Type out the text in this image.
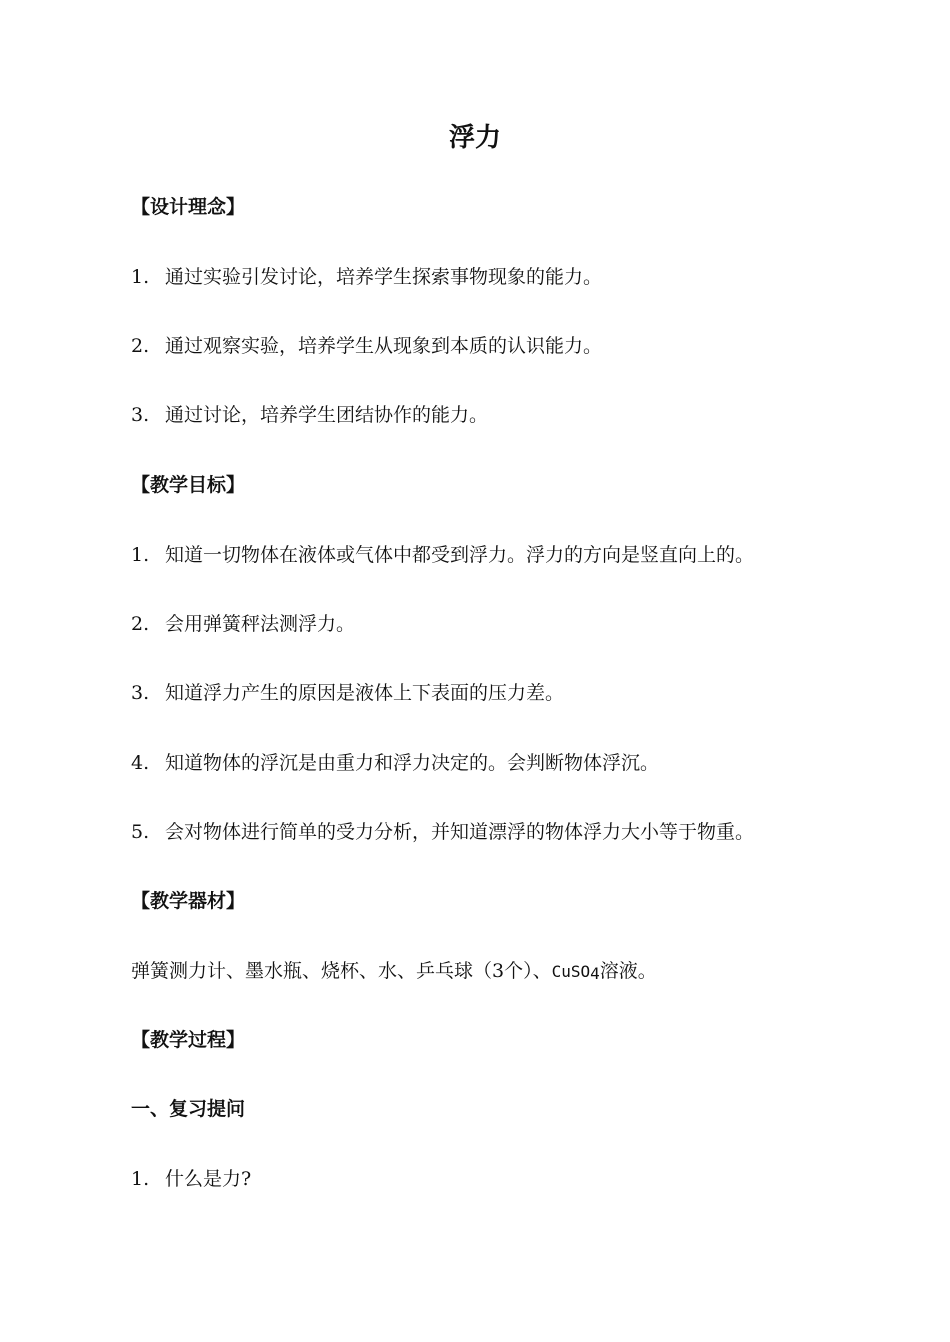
浮力
【设计理念】
1. 通过实验引发讨论，培养学生探索事物现象的能力。
2. 通过观察实验，培养学生从现象到本质的认识能力。
3. 通过讨论，培养学生团结协作的能力。
【教学目标】
1. 知道一切物体在液体或气体中都受到浮力。浮力的方向是竖直向上的。
2. 会用弹簧秤法测浮力。
3. 知道浮力产生的原因是液体上下表面的压力差。
4. 知道物体的浮沉是由重力和浮力决定的。会判断物体浮沉。
5. 会对物体进行简单的受力分析，并知道漂浮的物体浮力大小等于物重。
【教学器材】
弹簧测力计、墨水瓶、烧杯、水、乒乓球（3个）、CuSO$_4$溶液。
【教学过程】
一、复习提问
1. 什么是力?
